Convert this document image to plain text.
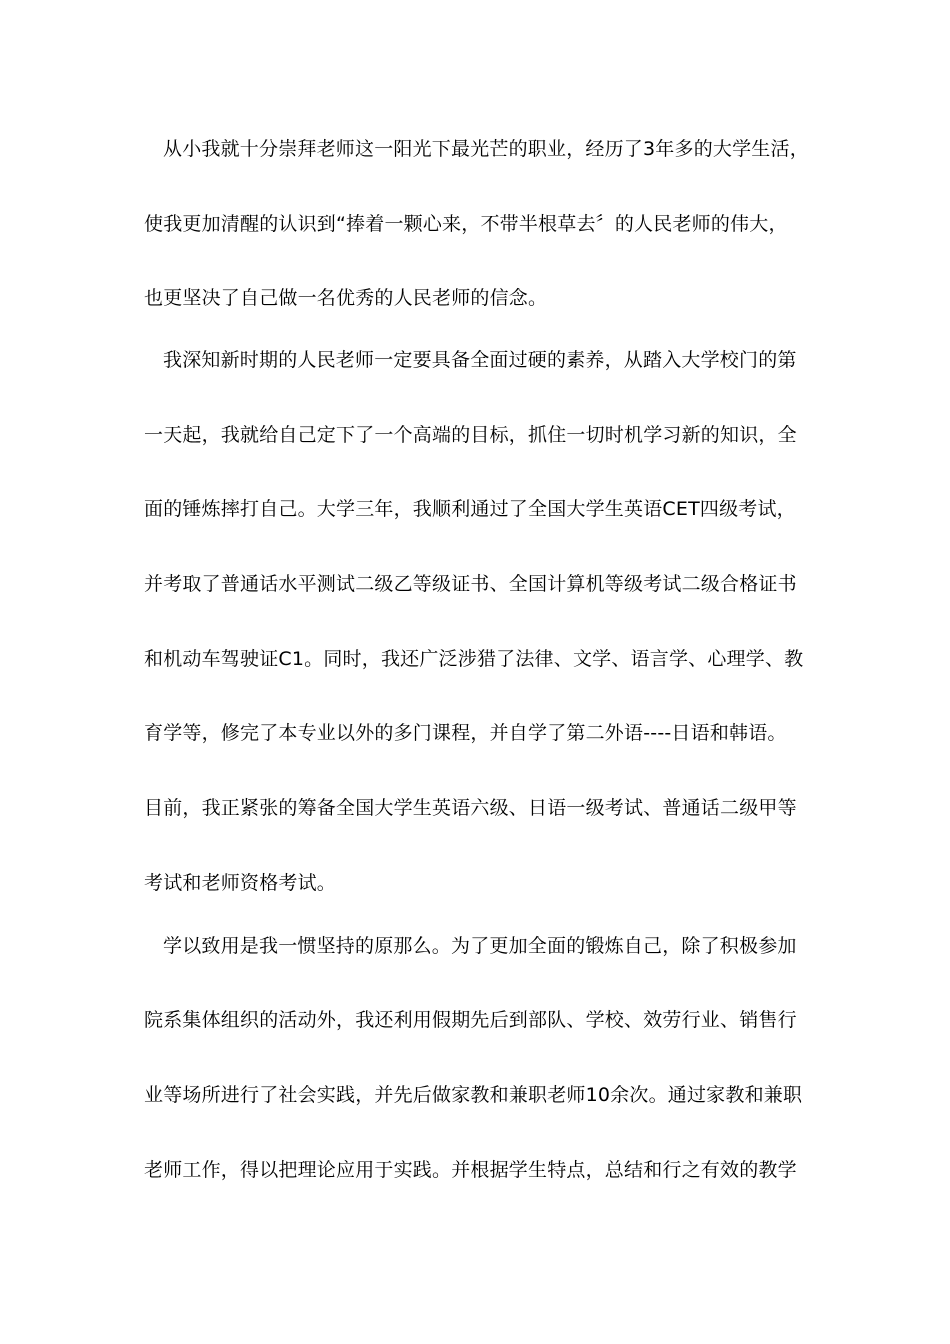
从小我就十分崇拜老师这一阳光下最光芒的职业，经历了3年多的大学生活，
使我更加清醒的认识到“捧着一颗心来，不带半根草去〞的人民老师的伟大，
也更坚决了自己做一名优秀的人民老师的信念。
我深知新时期的人民老师一定要具备全面过硬的素养，从踏入大学校门的第
一天起，我就给自己定下了一个高端的目标，抓住一切时机学习新的知识，全
面的锤炼摔打自己。大学三年，我顺利通过了全国大学生英语CET四级考试，
并考取了普通话水平测试二级乙等级证书、全国计算机等级考试二级合格证书
和机动车驾驶证C1。同时，我还广泛涉猎了法律、文学、语言学、心理学、教
育学等，修完了本专业以外的多门课程，并自学了第二外语----日语和韩语。
目前，我正紧张的筹备全国大学生英语六级、日语一级考试、普通话二级甲等
考试和老师资格考试。
学以致用是我一惯坚持的原那么。为了更加全面的锻炼自己，除了积极参加
院系集体组织的活动外，我还利用假期先后到部队、学校、效劳行业、销售行
业等场所进行了社会实践，并先后做家教和兼职老师10余次。通过家教和兼职
老师工作，得以把理论应用于实践。并根据学生特点，总结和行之有效的教学
